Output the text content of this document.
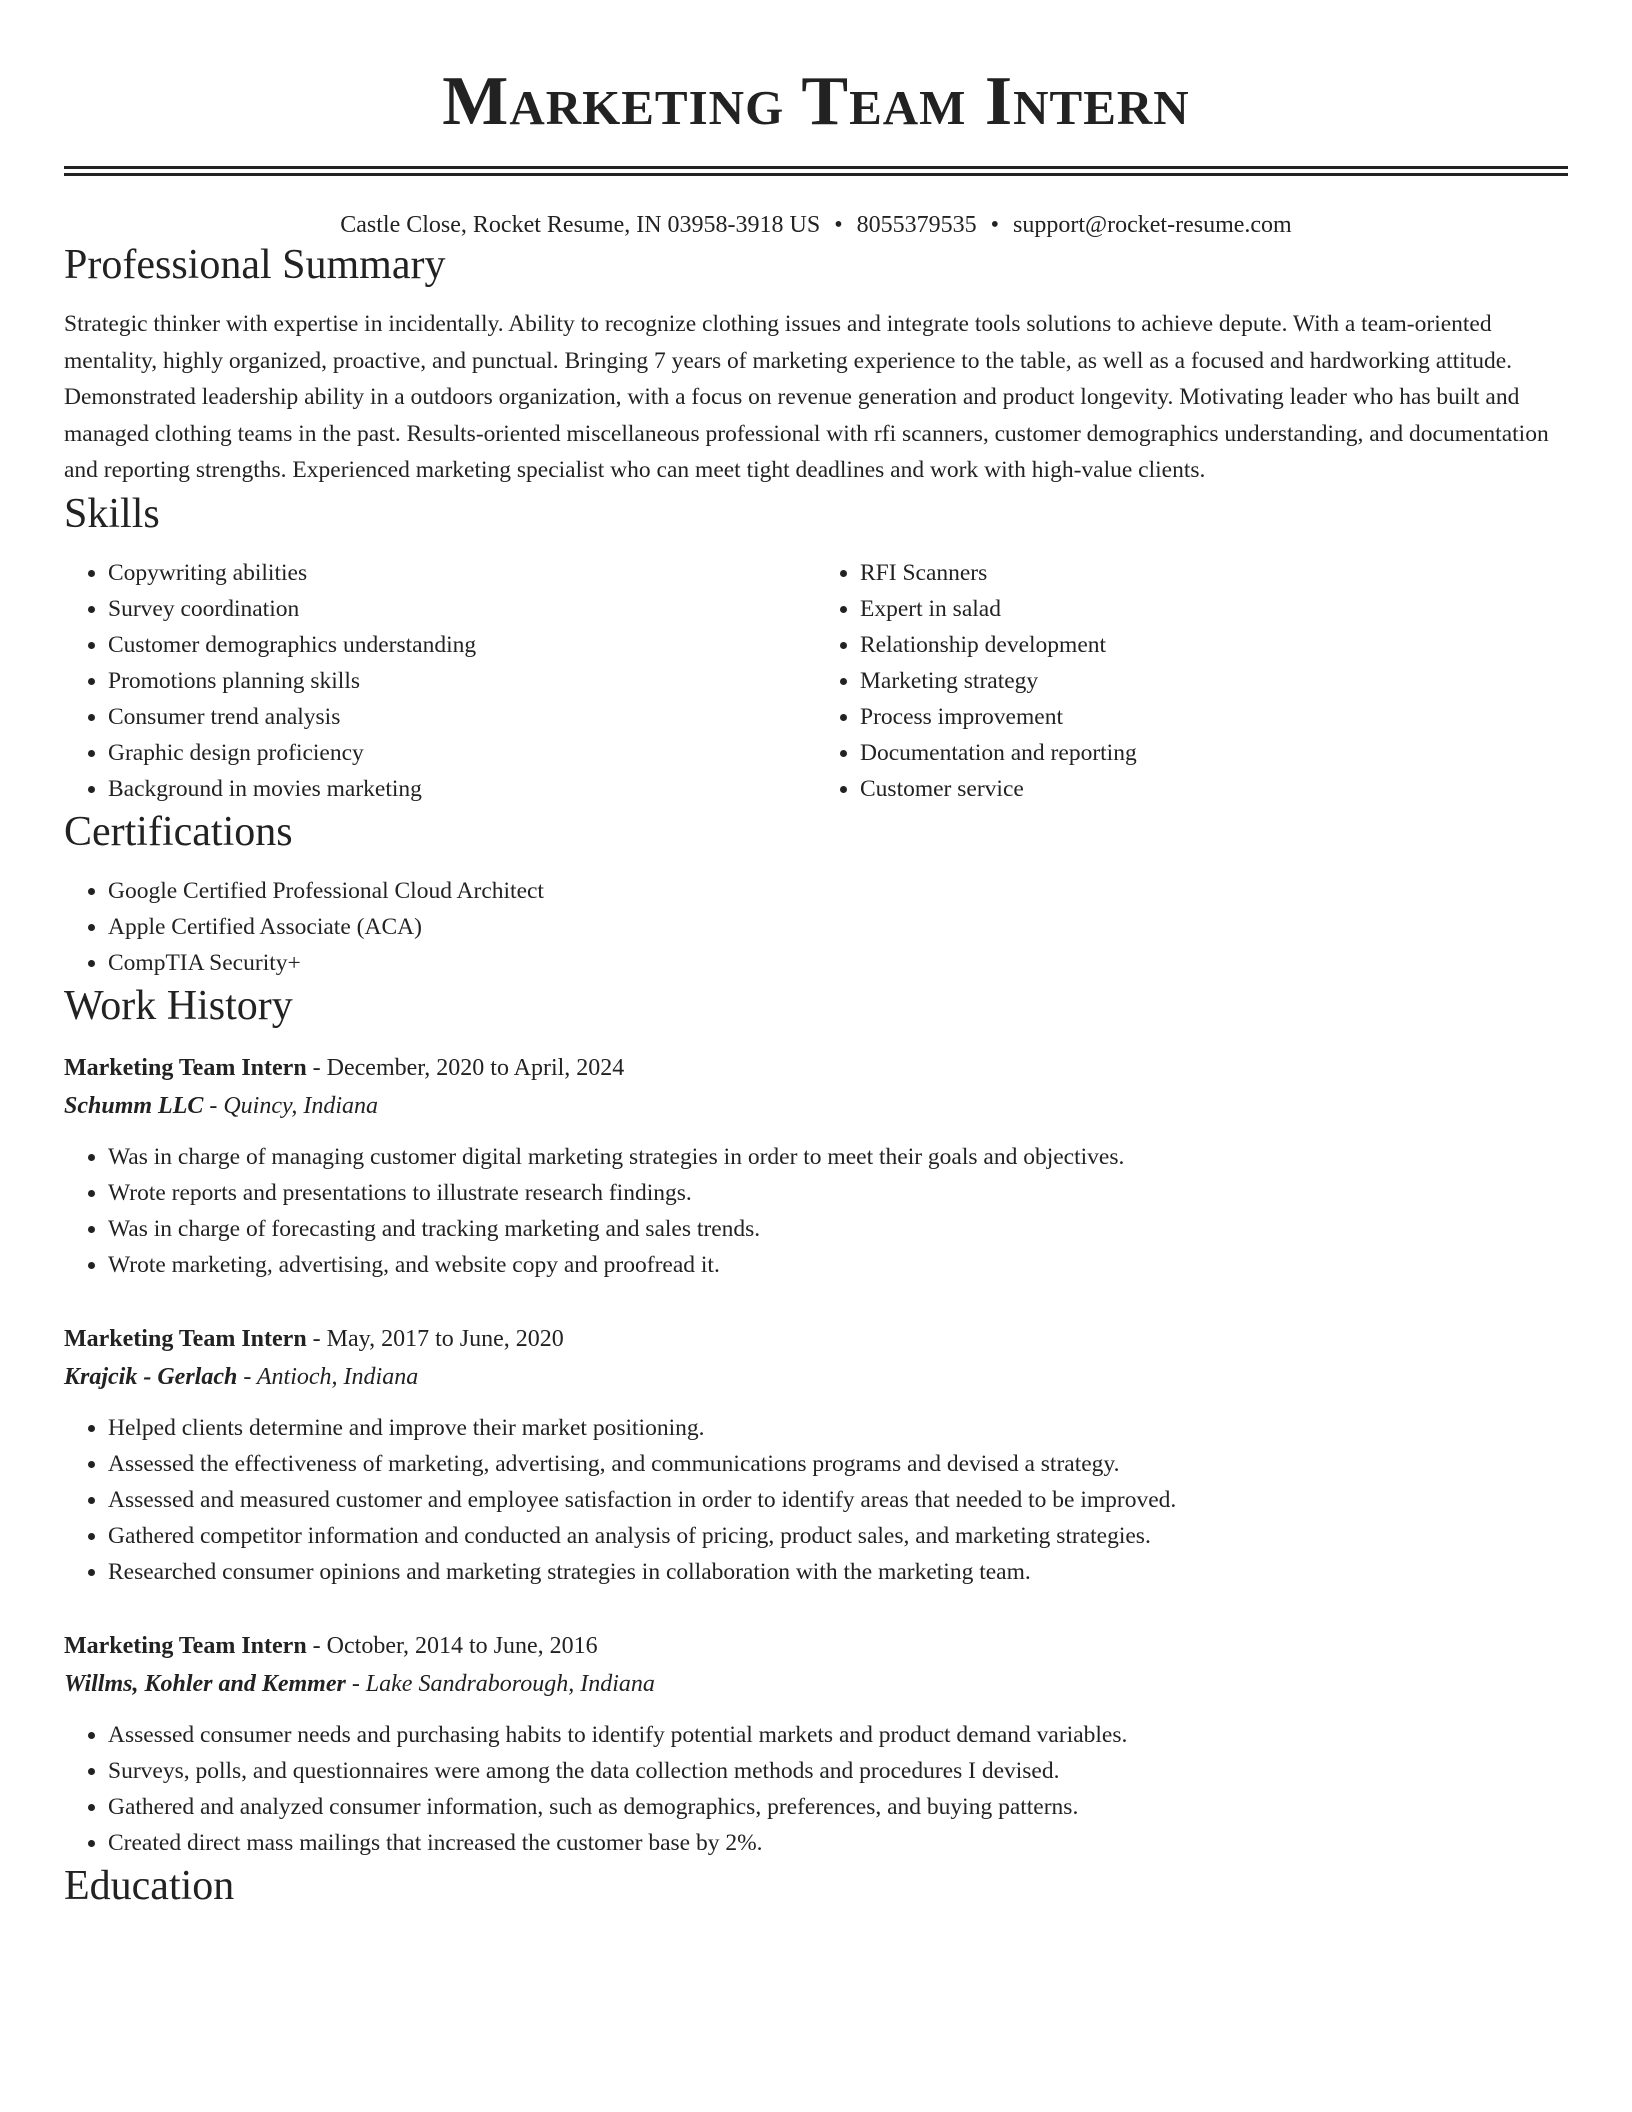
Marketing Team Intern
Castle Close, Rocket Resume, IN 03958-3918 US • 8055379535 • support@rocket-resume.com
Professional Summary
Strategic thinker with expertise in incidentally. Ability to recognize clothing issues and integrate tools solutions to achieve depute. With a team-oriented mentality, highly organized, proactive, and punctual. Bringing 7 years of marketing experience to the table, as well as a focused and hardworking attitude. Demonstrated leadership ability in a outdoors organization, with a focus on revenue generation and product longevity. Motivating leader who has built and managed clothing teams in the past. Results-oriented miscellaneous professional with rfi scanners, customer demographics understanding, and documentation and reporting strengths. Experienced marketing specialist who can meet tight deadlines and work with high-value clients.
Skills
• Copywriting abilities
• Survey coordination
• Customer demographics understanding
• Promotions planning skills
• Consumer trend analysis
• Graphic design proficiency
• Background in movies marketing
• RFI Scanners
• Expert in salad
• Relationship development
• Marketing strategy
• Process improvement
• Documentation and reporting
• Customer service
Certifications
• Google Certified Professional Cloud Architect
• Apple Certified Associate (ACA)
• CompTIA Security+
Work History
Marketing Team Intern - December, 2020 to April, 2024
Schumm LLC - Quincy, Indiana
• Was in charge of managing customer digital marketing strategies in order to meet their goals and objectives.
• Wrote reports and presentations to illustrate research findings.
• Was in charge of forecasting and tracking marketing and sales trends.
• Wrote marketing, advertising, and website copy and proofread it.
Marketing Team Intern - May, 2017 to June, 2020
Krajcik - Gerlach - Antioch, Indiana
• Helped clients determine and improve their market positioning.
• Assessed the effectiveness of marketing, advertising, and communications programs and devised a strategy.
• Assessed and measured customer and employee satisfaction in order to identify areas that needed to be improved.
• Gathered competitor information and conducted an analysis of pricing, product sales, and marketing strategies.
• Researched consumer opinions and marketing strategies in collaboration with the marketing team.
Marketing Team Intern - October, 2014 to June, 2016
Willms, Kohler and Kemmer - Lake Sandraborough, Indiana
• Assessed consumer needs and purchasing habits to identify potential markets and product demand variables.
• Surveys, polls, and questionnaires were among the data collection methods and procedures I devised.
• Gathered and analyzed consumer information, such as demographics, preferences, and buying patterns.
• Created direct mass mailings that increased the customer base by 2%.
Education
